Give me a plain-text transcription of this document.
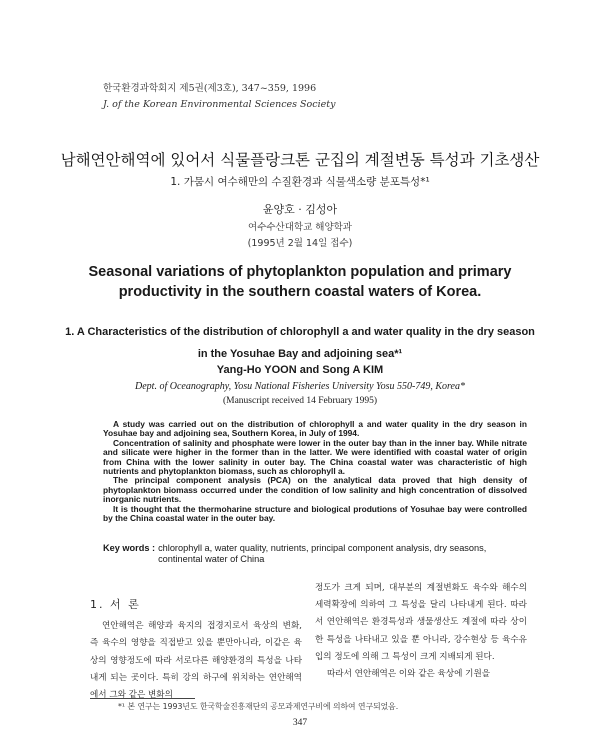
한국환경과학회지 제5권(제3호), 347~359, 1996
J. of the Korean Environmental Sciences Society
남해연안해역에 있어서 식물플랑크톤 군집의 계절변동 특성과 기초생산
1. 가뭄시 여수해만의 수질환경과 식물색소량 분포특성*¹
윤양호 · 김성아
여수수산대학교 해양학과
(1995년 2월 14일 접수)
Seasonal variations of phytoplankton population and primary productivity in the southern coastal waters of Korea.
1. A Characteristics of the distribution of chlorophyll a and water quality in the dry season in the Yosuhae Bay and adjoining sea*¹
Yang-Ho YOON and Song A KIM
Dept. of Oceanography, Yosu National Fisheries University Yosu 550-749, Korea*
(Manuscript received 14 February 1995)

A study was carried out on the distribution of chlorophyll a and water quality in the dry season in Yosuhae bay and adjoining sea, Southern Korea, in July of 1994.

Concentration of salinity and phosphate were lower in the outer bay than in the inner bay. While nitrate and silicate were higher in the former than in the latter. We were identified with coastal water of origin from China with the lower salinity in outer bay. The China coastal water was characteristic of high nutrients and phytoplankton biomass, such as chlorophyll a.

The principal component analysis (PCA) on the analytical data proved that high density of phytoplankton biomass occurred under the condition of low salinity and high concentration of dissolved inorganic nutrients.

It is thought that the thermoharine structure and biological produtions of Yosuhae bay were controlled by the China coastal water in the outer bay.

Key words : chlorophyll a, water quality, nutrients, principal component analysis, dry seasons, continental water of China
1. 서 론

연안해역은 해양과 육지의 접경지로서 육상의 변화, 즉 육수의 영향을 직접받고 있을 뿐만아니라, 이같은 육상의 영향정도에 따라 서로다른 해양환경의 특성을 나타내게 되는 곳이다. 특히 강의 하구에 위치하는 연안해역에서 그와 같은 변화의

정도가 크게 되며, 대부분의 계절변화도 육수와 해수의 세력확장에 의하여 그 특성을 달리 나타내게 된다. 따라서 연안해역은 환경특성과 생물생산도 계절에 따라 상이한 특성을 나타내고 있을 뿐 아니라, 강수현상 등 육수유입의 정도에 의해 그 특성이 크게 지배되게 된다.

따라서 연안해역은 이와 같은 육상에 기원을

*¹ 본 연구는 1993년도 한국학술진흥재단의 공모과제연구비에 의하여 연구되었음.
347
